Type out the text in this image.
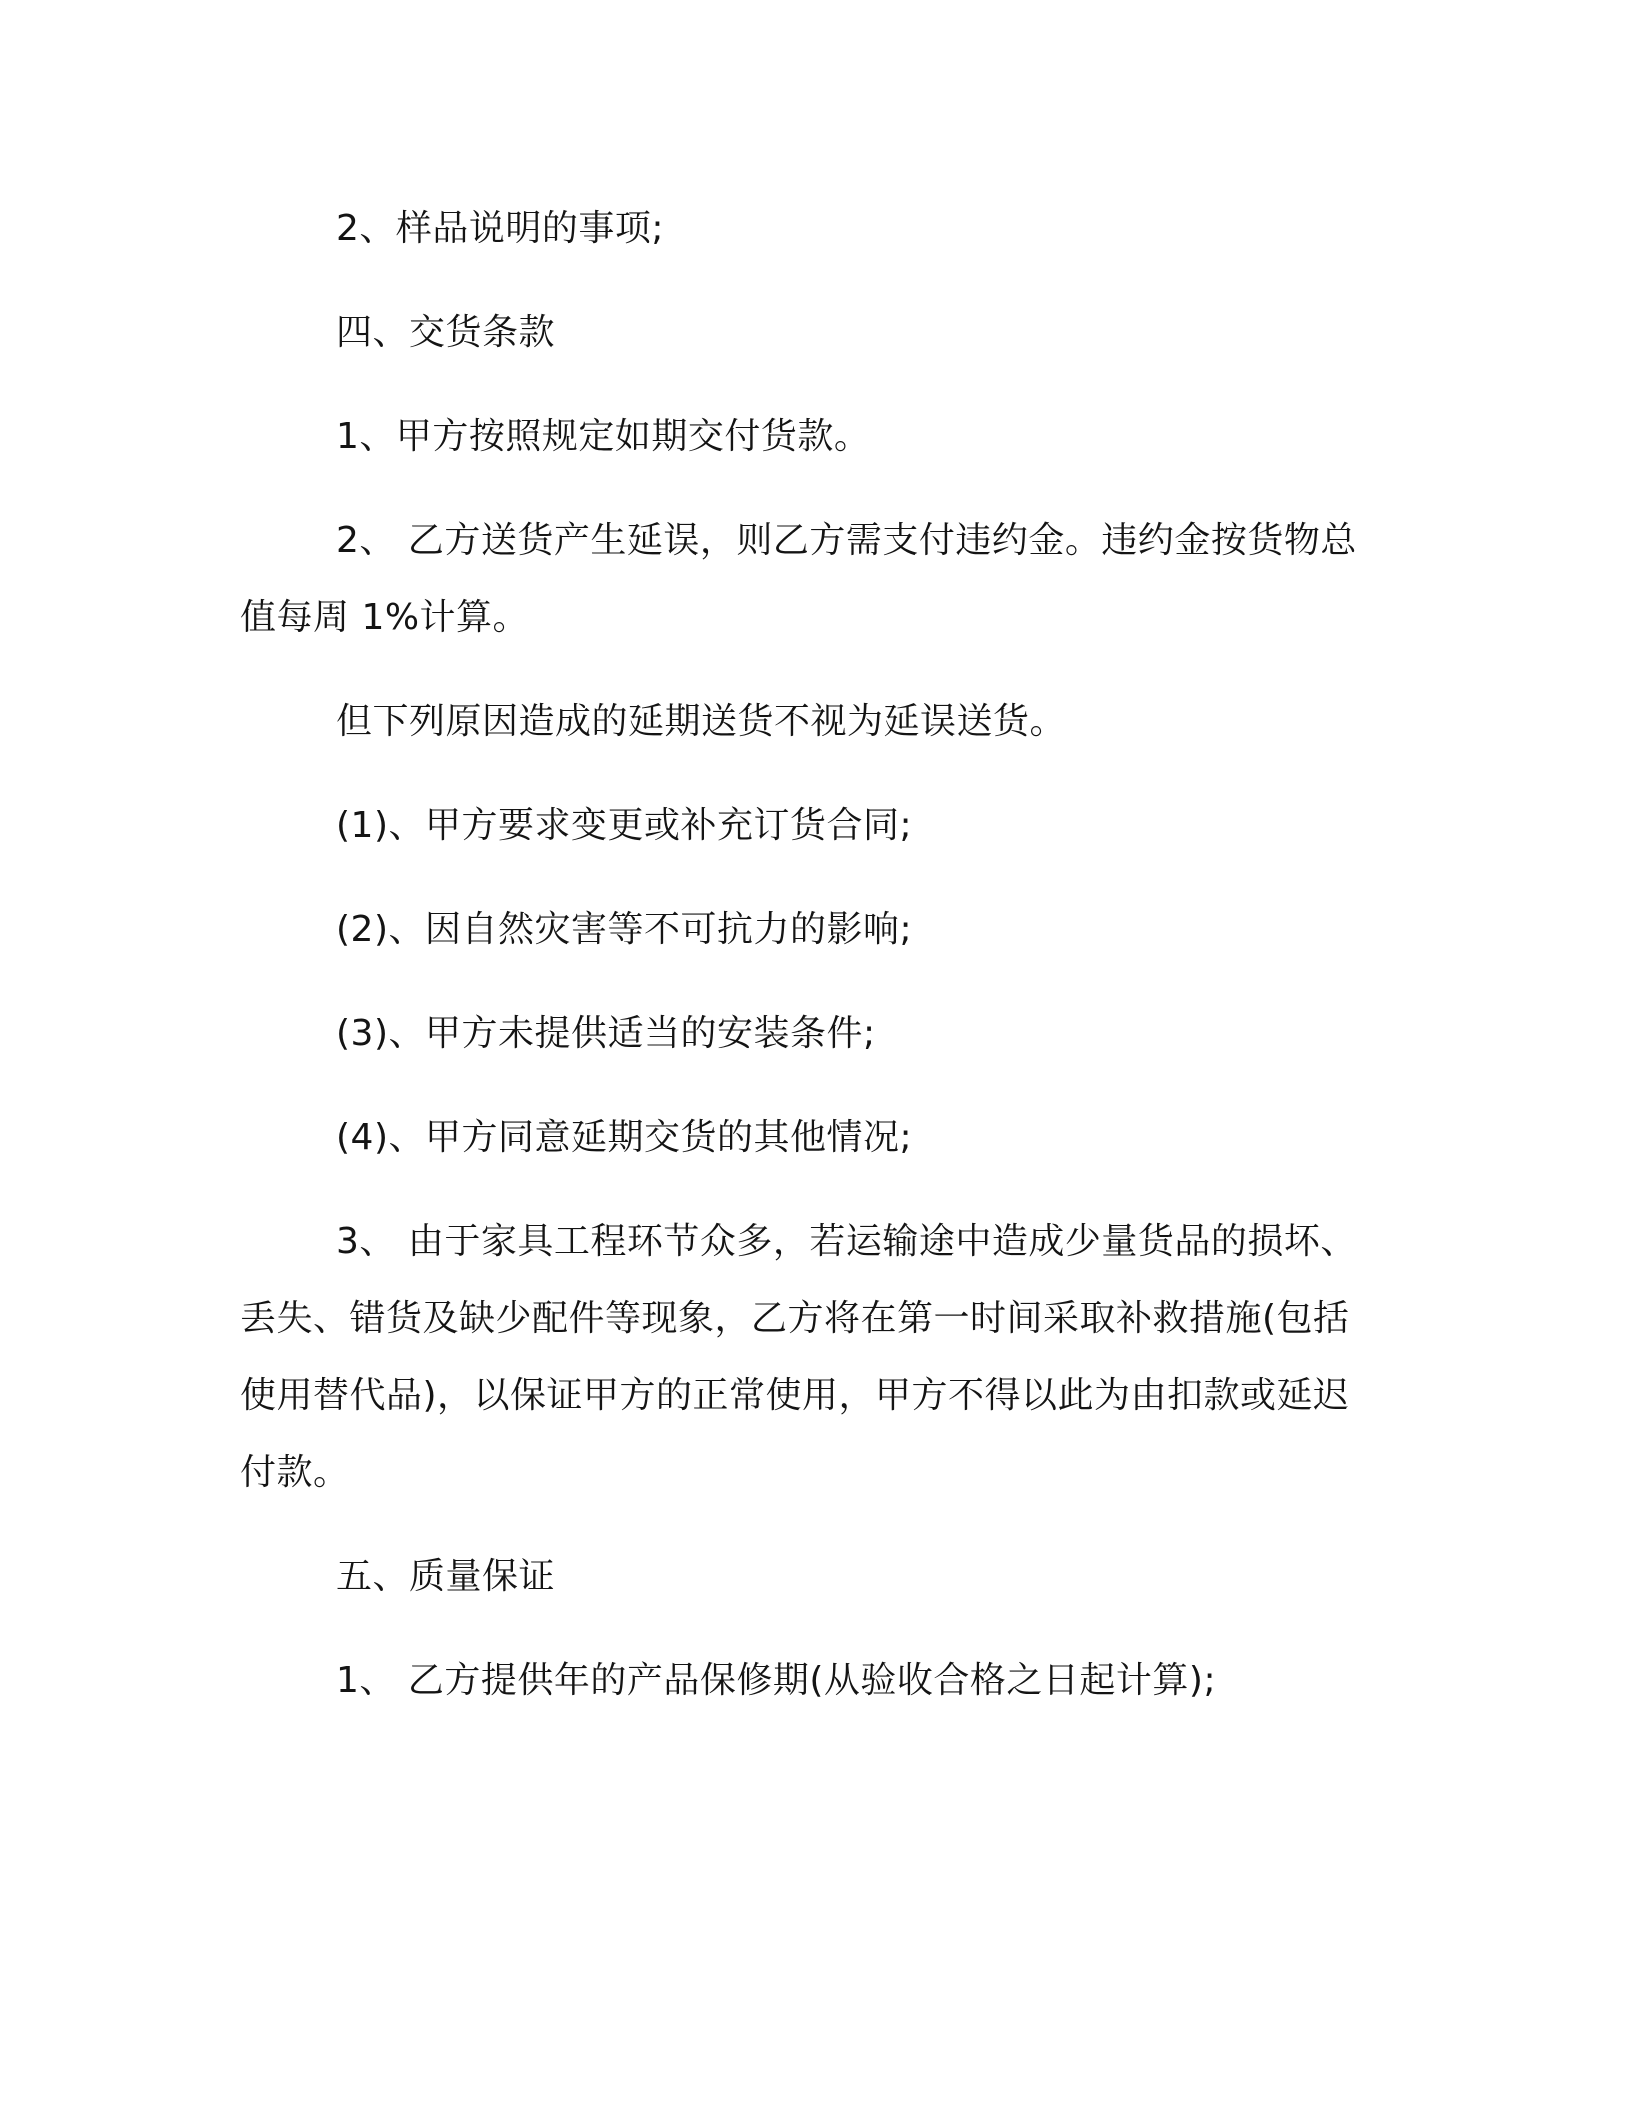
2、样品说明的事项;

四、交货条款

1、甲方按照规定如期交付货款。

2、 乙方送货产生延误，则乙方需支付违约金。违约金按货物总值每周 1%计算。

但下列原因造成的延期送货不视为延误送货。

(1)、甲方要求变更或补充订货合同;

(2)、因自然灾害等不可抗力的影响;

(3)、甲方未提供适当的安装条件;

(4)、甲方同意延期交货的其他情况;

3、 由于家具工程环节众多，若运输途中造成少量货品的损坏、丢失、错货及缺少配件等现象，乙方将在第一时间采取补救措施(包括使用替代品)，以保证甲方的正常使用，甲方不得以此为由扣款或延迟付款。

五、质量保证

1、 乙方提供年的产品保修期(从验收合格之日起计算);
